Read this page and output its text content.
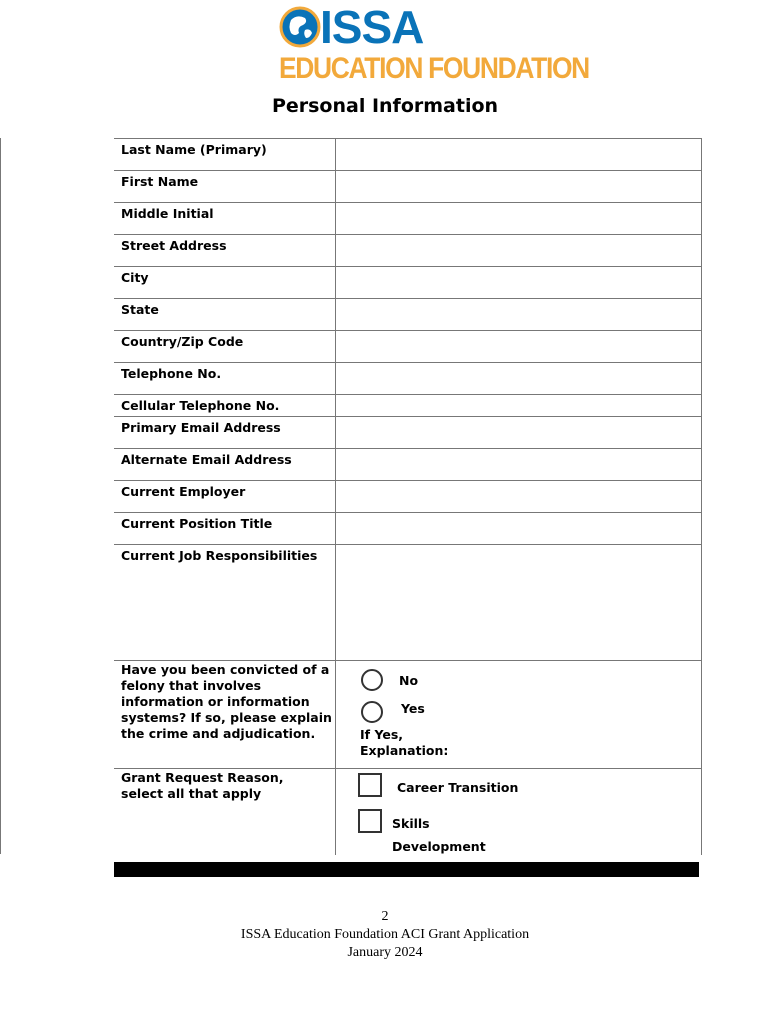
ISSA
EDUCATION FOUNDATION
Personal Information
Last Name (Primary)
First Name
Middle Initial
Street Address
City
State
Country/Zip Code
Telephone No.
Cellular Telephone No.
Primary Email Address
Alternate Email Address
Current Employer
Current Position Title
Current Job Responsibilities
Have you been convicted of a felony that involves information or information systems? If so, please explain the crime and adjudication.
No
Yes
If Yes, Explanation:
Grant Request Reason, select all that apply	Career Transition
Skills Development
2
ISSA Education Foundation ACI Grant Application
January 2024
